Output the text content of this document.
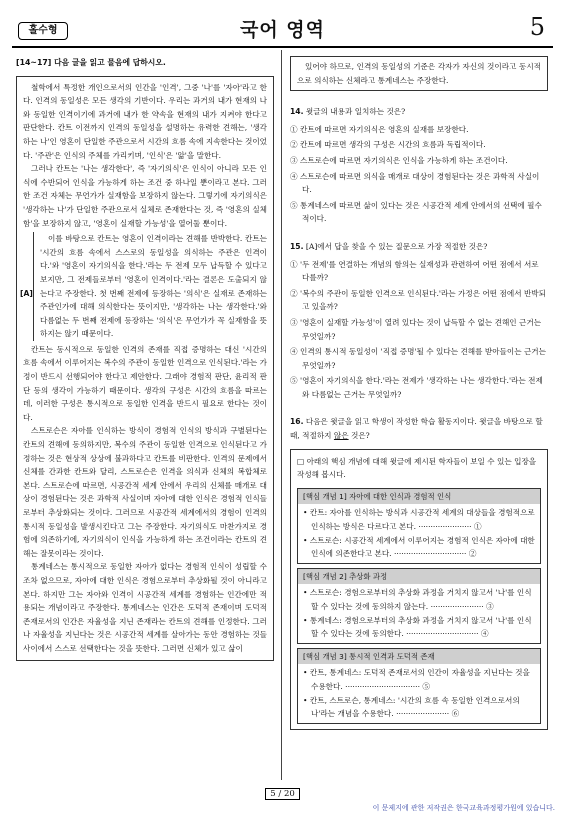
홀수형	국어 영역	5
[14~17] 다음 글을 읽고 물음에 답하시오.

철학에서 특정한 개인으로서의 인간을 '인격', 그중 '나'를 '자아'라고 한다. 인격의 동일성은 모든 생각의 기반이다. 우리는 과거의 내가 현재의 나와 동일한 인격이기에 과거에 내가 한 약속을 현재의 내가 지켜야 한다고 판단한다. 칸트 이전까지 인격의 동일성을 설명하는 유력한 견해는, '생각하는 나'인 영혼이 단일한 주관으로서 시간의 흐름 속에 지속한다는 것이었다. '주관'은 인식의 주체를 가리키며, '인식'은 '앎'을 말한다.

그러나 칸트는 '나는 생각한다', 즉 '자기의식'은 인식이 아니라 모든 인식에 수반되어 인식을 가능하게 하는 조건 중 하나일 뿐이라고 본다. 그러한 조건 자체는 무언가가 실재함을 보장하지 않는다. 그렇기에 자기의식은 '생각하는 나'가 단일한 주관으로서 실체로 존재한다는 것, 즉 '영혼의 실체함'을 보장하지 않고, '영혼이 실재할 가능성'을 열어둘 뿐이다.

[A]

이를 바탕으로 칸트는 영혼이 인격이라는 견해를 반박한다. 칸트는 '시간의 흐름 속에서 스스로의 동일성을 의식하는 주관은 인격이다.'와 '영혼이 자기의식을 한다.'라는 두 전제 모두 납득할 수 있다고 보지만, 그 전제들로부터 '영혼이 인격이다.'라는 결론은 도출되지 않는다고 주장한다. 첫 번째 전제에 등장하는 '의식'은 실재로 존재하는 주관인가에 대해 의식한다는 뜻이지만, '생각하는 나는 생각한다.'와 다름없는 두 번째 전제에 등장하는 '의식'은 무언가가 꼭 실재함을 뜻하지는 않기 때문이다.

칸트는 동시적으로 동일한 인격의 존재를 직접 증명하는 대신 '시간의 흐름 속에서 이루어지는 복수의 주관이 동일한 인격으로 인식된다.'라는 가정이 반드시 선행되어야 한다고 제안한다. 그래야 경험적 판단, 윤리적 판단 등의 생각이 가능하기 때문이다. 생각의 구성은 시간의 흐름을 따르는데, 이러한 구성은 통시적으로 동일한 인격을 반드시 필요로 한다는 것이다.

스트로슨은 자아를 인식하는 방식이 경험적 인식의 방식과 구별된다는 칸트의 견해에 동의하지만, 복수의 주관이 동일한 인격으로 인식된다고 가정하는 것은 현상적 상상에 불과하다고 칸트를 비판한다. 인격의 문제에서 신체를 간과한 칸트와 달리, 스트로슨은 인격을 의식과 신체의 복합체로 본다. 스트로슨에 따르면, 시공간적 세계 안에서 우리의 신체를 매개로 대상이 경험된다는 것은 과학적 사실이며 자아에 대한 인식은 경험적 인식들로부터 추상화되는 것이다. 그러므로 시공간적 세계에서의 경험이 인격의 통시적 동일성을 발생시킨다고 그는 주장한다. 자기의식도 마찬가지로 경험에 의존하기에, 자기의식이 인식을 가능하게 하는 조건이라는 칸트의 견해는 잘못이라는 것이다.

통계네스는 통시적으로 동일한 자아가 없다는 경험적 인식이 성립할 수조차 없으므로, 자아에 대한 인식은 경험으로부터 추상화될 것이 아니라고 본다. 하지만 그는 자아와 인격이 시공간적 세계를 경험하는 인간에만 적용되는 개념이라고 주장한다. 통계네스는 인간은 도덕적 존재이며 도덕적 존재로서의 인간은 자율성을 지닌 존재라는 칸트의 견해를 인정한다. 그러나 자율성을 지닌다는 것은 시공간적 세계를 살아가는 동안 경험하는 것들 사이에서 스스로 선택한다는 것을 뜻한다. 그러면 신체가 있고 삶이

있어야 하므로, 인격의 동일성의 기준은 각자가 자신의 것이라고 동시적으로 의식하는 신체라고 통계네스는 주장한다.

14. 윗글의 내용과 일치하는 것은?
① 칸트에 따르면 자기의식은 영혼의 실재를 보장한다.
② 칸트에 따르면 생각의 구성은 시간의 흐름과 독립적이다.
③ 스트로슨에 따르면 자기의식은 인식을 가능하게 하는 조건이다.
④ 스트로슨에 따르면 의식을 매개로 대상이 경험된다는 것은 과학적 사실이다.
⑤ 통계네스에 따르면 삶이 있다는 것은 시공간적 세계 안에서의 선택에 필수적이다.
15. [A]에서 답을 찾을 수 있는 질문으로 가장 적절한 것은?
① '두 전제'를 연결하는 개념의 함의는 실재성과 관련하여 어떤 점에서 서로 다를까?
② '복수의 주관이 동일한 인격으로 인식된다.'라는 가정은 어떤 점에서 반박되고 있을까?
③ '영혼이 실재할 가능성'이 열려 있다는 것이 납득할 수 없는 견해인 근거는 무엇일까?
④ 인격의 통시적 동일성이 '직접 증명'될 수 있다는 견해를 받아들이는 근거는 무엇일까?
⑤ '영혼이 자기의식을 한다.'라는 전제가 '생각하는 나는 생각한다.'라는 전제와 다름없는 근거는 무엇일까?
16. 다음은 윗글을 읽고 학생이 작성한 학습 활동지이다. 윗글을 바탕으로 할 때, 적절하지 않은 것은?
□ 아래의 핵심 개념에 대해 윗글에 제시된 학자들이 보일 수 있는 입장을 작성해 봅시다.
[핵심 개념 1] 자아에 대한 인식과 경험적 인식
• 칸트: 자아를 인식하는 방식과 시공간적 세계의 대상들을 경험적으로 인식하는 방식은 다르다고 본다. ······················ ①
• 스트로슨: 시공간적 세계에서 이루어지는 경험적 인식은 자아에 대한 인식에 의존한다고 본다. ······························ ②
[핵심 개념 2] 추상화 과정
• 스트로슨: 경험으로부터의 추상화 과정을 거치지 않고서 '나'를 인식할 수 있다는 것에 동의하지 않는다. ······················ ③
• 통계네스: 경험으로부터의 추상화 과정을 거치지 않고서 '나'를 인식할 수 있다는 것에 동의한다. ······························ ④
[핵심 개념 3] 통시적 인격과 도덕적 존재
• 칸트, 통계네스: 도덕적 존재로서의 인간이 자율성을 지닌다는 것을 수용한다. ······························· ⑤
• 칸트, 스트로슨, 통계네스: '시간의 흐름 속 동일한 인격으로서의 나'라는 개념을 수용한다. ······················ ⑥
5 / 20
이 문제지에 관한 저작권은 한국교육과정평가원에 있습니다.
